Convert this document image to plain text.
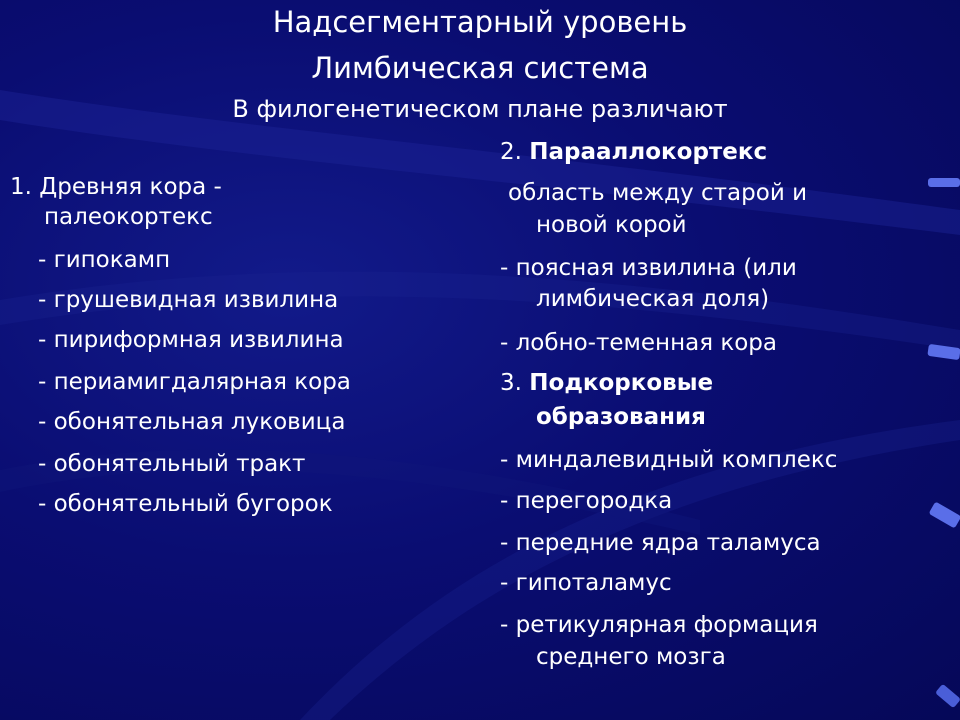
Надсегментарный уровень
Лимбическая система
В филогенетическом плане различают
1. Древняя кора -
палеокортекс
- гипокамп
- грушевидная извилина
- пириформная извилина
- периамигдалярная кора
- обонятельная луковица
- обонятельный тракт
- обонятельный бугорок
2. Парааллокортекс
область между старой и
новой корой
- поясная извилина (или
лимбическая доля)
- лобно-теменная кора
3. Подкорковые
образования
- миндалевидный комплекс
- перегородка
- передние ядра таламуса
- гипоталамус
- ретикулярная формация
среднего мозга
